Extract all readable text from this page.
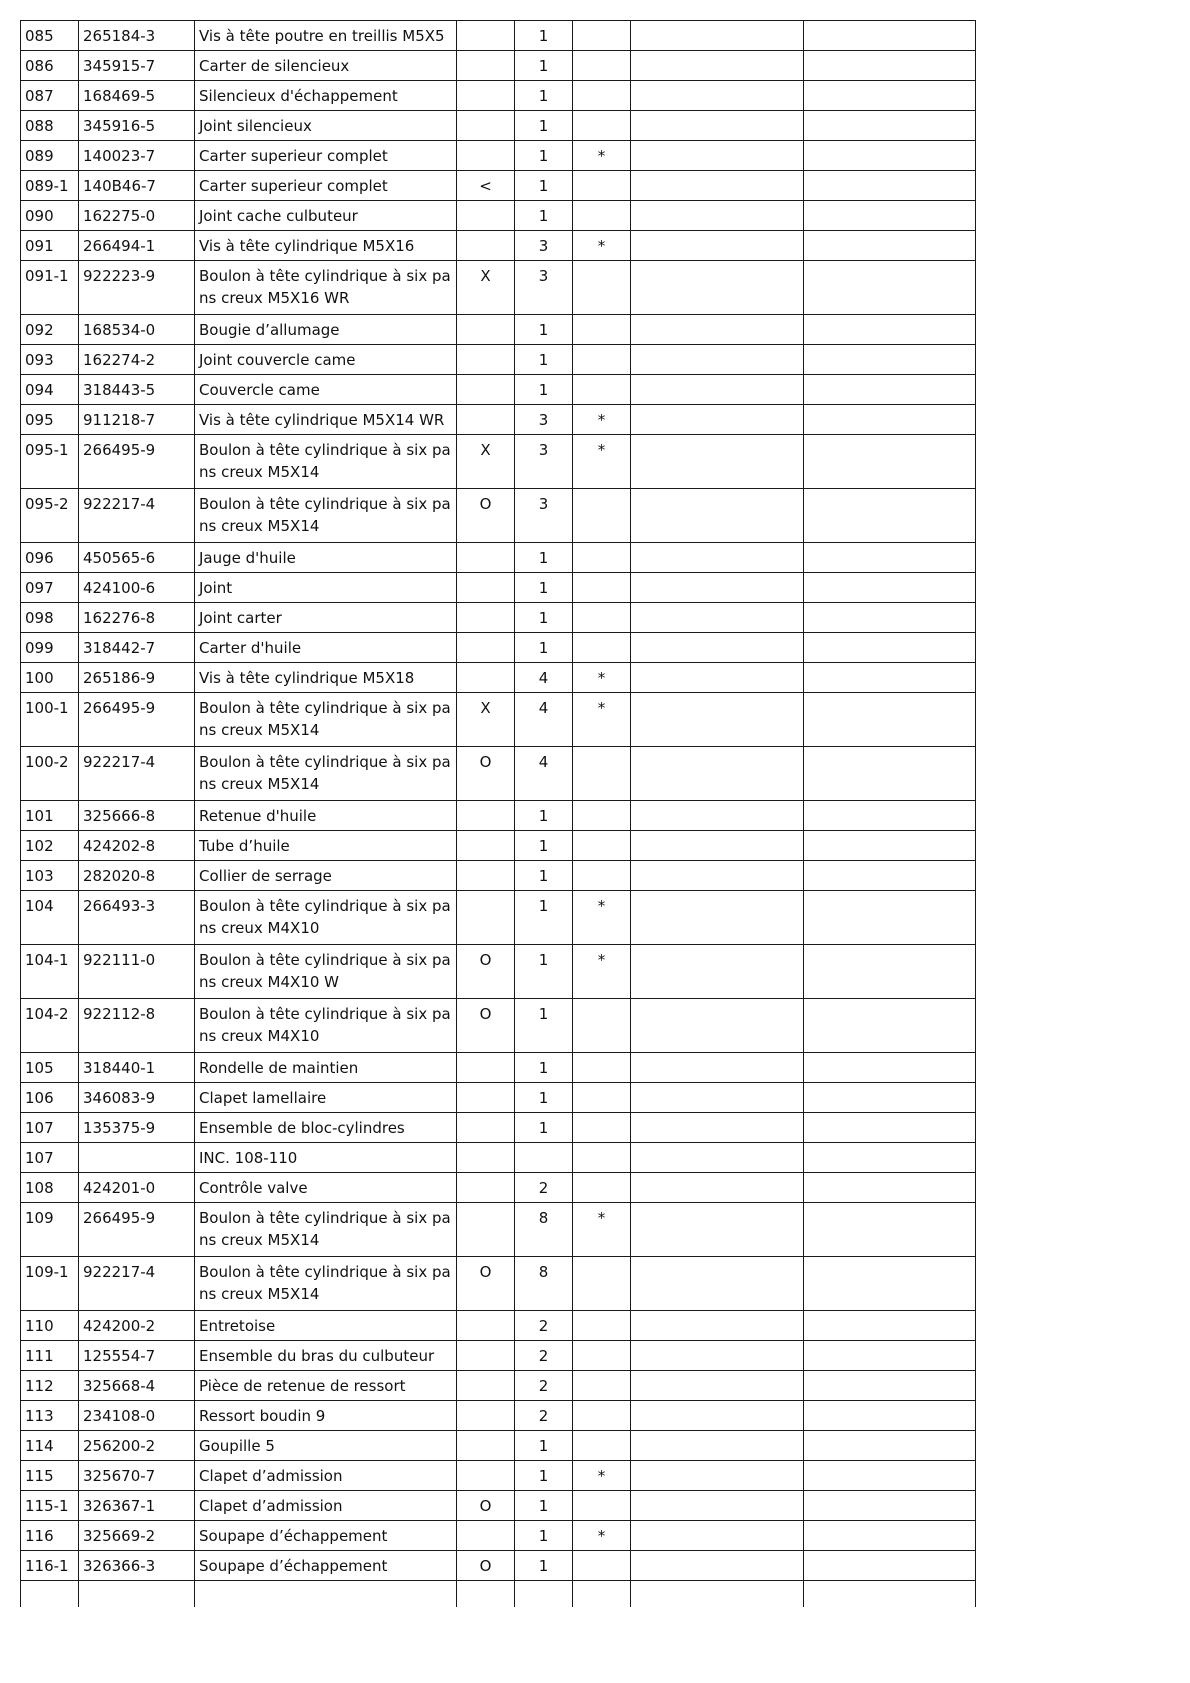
085	265184-3	Vis à tête poutre en treillis M5X5		1			
086	345915-7	Carter de silencieux		1			
087	168469-5	Silencieux d'échappement		1			
088	345916-5	Joint silencieux		1			
089	140023-7	Carter superieur complet		1	*		
089-1	140B46-7	Carter superieur complet	<	1			
090	162275-0	Joint cache culbuteur		1			
091	266494-1	Vis à tête cylindrique M5X16		3	*		
091-1	922223-9	Boulon à tête cylindrique à six pans creux M5X16 WR	X	3			
092	168534-0	Bougie d’allumage		1			
093	162274-2	Joint couvercle came		1			
094	318443-5	Couvercle came		1			
095	911218-7	Vis à tête cylindrique M5X14 WR		3	*		
095-1	266495-9	Boulon à tête cylindrique à six pans creux M5X14	X	3	*		
095-2	922217-4	Boulon à tête cylindrique à six pans creux M5X14	O	3			
096	450565-6	Jauge d'huile		1			
097	424100-6	Joint		1			
098	162276-8	Joint carter		1			
099	318442-7	Carter d'huile		1			
100	265186-9	Vis à tête cylindrique M5X18		4	*		
100-1	266495-9	Boulon à tête cylindrique à six pans creux M5X14	X	4	*		
100-2	922217-4	Boulon à tête cylindrique à six pans creux M5X14	O	4			
101	325666-8	Retenue d'huile		1			
102	424202-8	Tube d’huile		1			
103	282020-8	Collier de serrage		1			
104	266493-3	Boulon à tête cylindrique à six pans creux M4X10		1	*		
104-1	922111-0	Boulon à tête cylindrique à six pans creux M4X10 W	O	1	*		
104-2	922112-8	Boulon à tête cylindrique à six pans creux M4X10	O	1			
105	318440-1	Rondelle de maintien		1			
106	346083-9	Clapet lamellaire		1			
107	135375-9	Ensemble de bloc-cylindres		1			
107		INC. 108-110					
108	424201-0	Contrôle valve		2			
109	266495-9	Boulon à tête cylindrique à six pans creux M5X14		8	*		
109-1	922217-4	Boulon à tête cylindrique à six pans creux M5X14	O	8			
110	424200-2	Entretoise		2			
111	125554-7	Ensemble du bras du culbuteur		2			
112	325668-4	Pièce de retenue de ressort		2			
113	234108-0	Ressort boudin 9		2			
114	256200-2	Goupille 5		1			
115	325670-7	Clapet d’admission		1	*		
115-1	326367-1	Clapet d’admission	O	1			
116	325669-2	Soupape d’échappement		1	*		
116-1	326366-3	Soupape d’échappement	O	1			
